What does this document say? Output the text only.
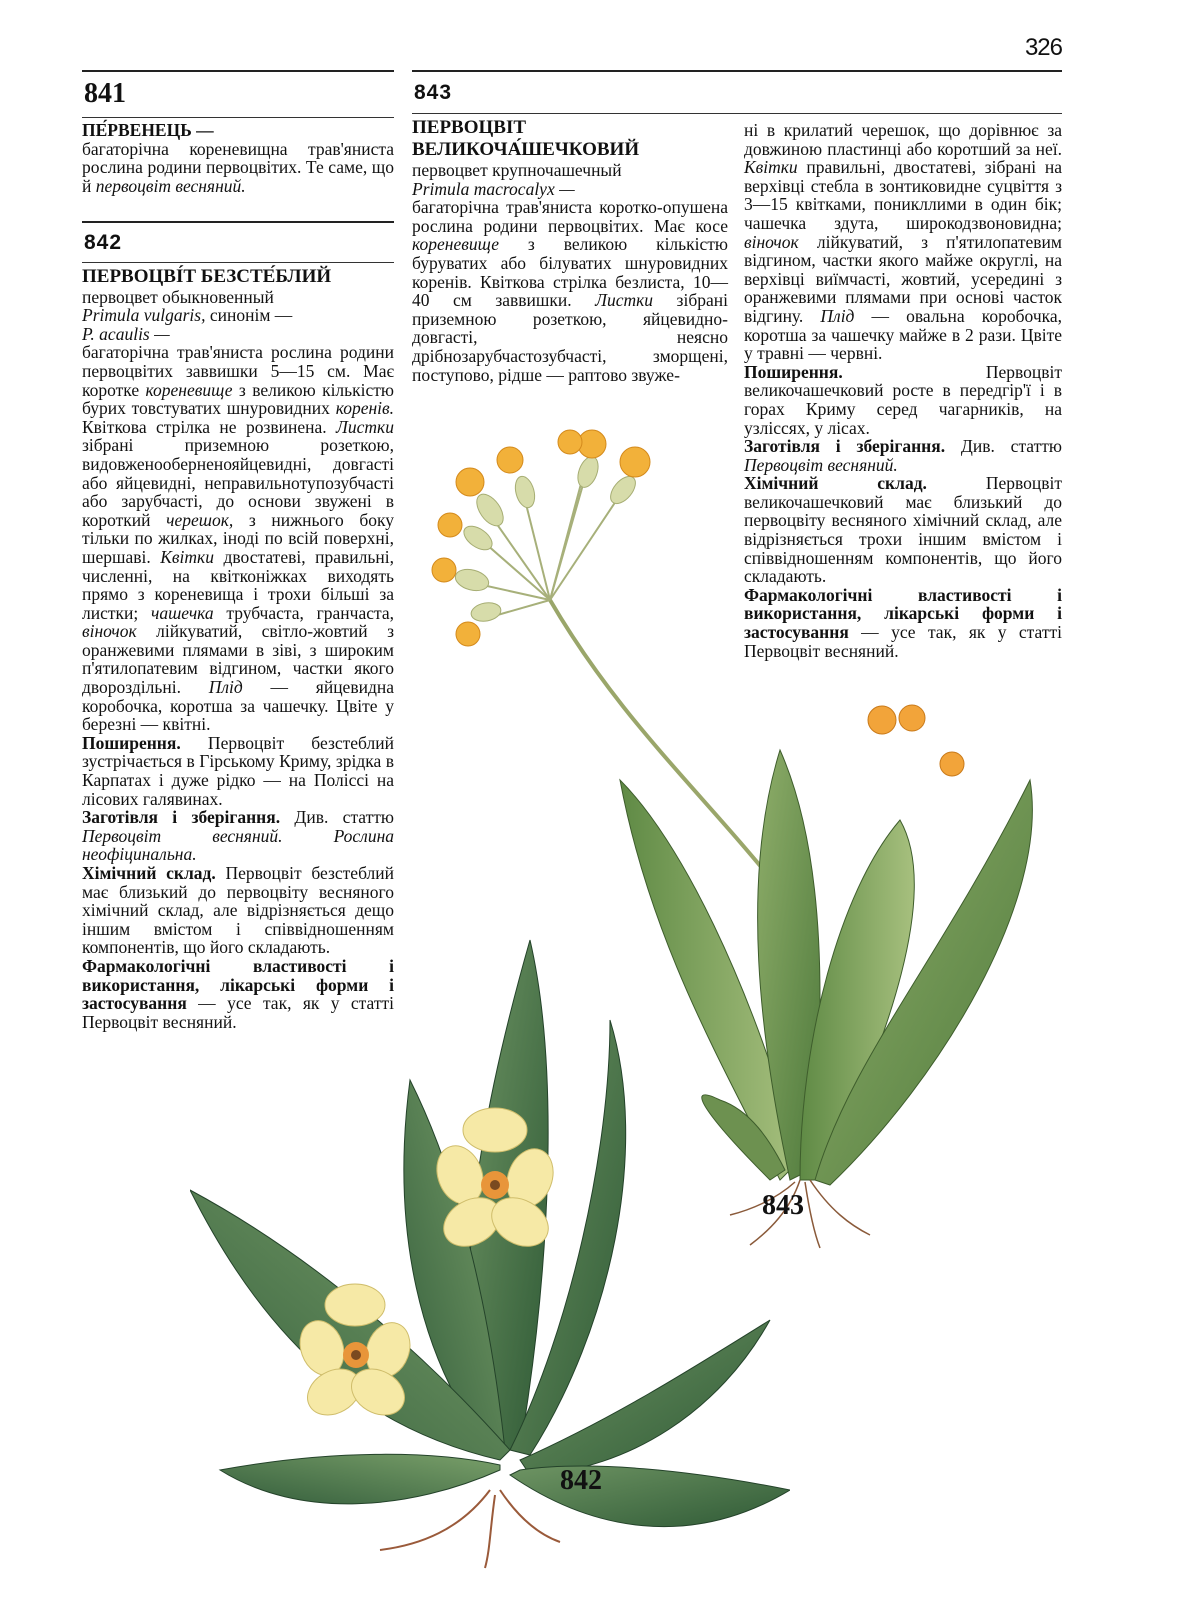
326
841

ПЕ́РВЕНЕЦЬ —

багаторічна кореневищна трав'яниста рослина родини первоцвітих. Те саме, що й первоцвіт весняний.

842

ПЕРВОЦВІ́Т БЕЗСТЕ́БЛИЙ

первоцвет обыкновенный

Primula vulgaris, синонім —

P. acaulis —

багаторічна трав'яниста рослина родини первоцвітих заввишки 5—15 см. Має коротке кореневище з великою кількістю бурих товстуватих шнуровидних коренів. Квіткова стрілка не розвинена. Листки зібрані приземною розеткою, видовженооберненояйцевидні, довгасті або яйцевидні, неправильнотупозубчасті або зарубчасті, до основи звужені в короткий черешок, з нижнього боку тільки по жилках, іноді по всій поверхні, шершаві. Квітки двостатеві, правильні, численні, на квітконіжках виходять прямо з кореневища і трохи більші за листки; чашечка трубчаста, гранчаста, віночок лійкуватий, світло-жовтий з оранжевими плямами в зіві, з широким п'ятилопатевим відгином, частки якого двороздільні. Плід — яйцевидна коробочка, коротша за чашечку. Цвіте у березні — квітні.

Поширення. Первоцвіт безстеблий зустрічається в Гірському Криму, зрідка в Карпатах і дуже рідко — на Поліссі на лісових галявинах.

Заготівля і зберігання. Див. статтю Первоцвіт весняний. Рослина неофіцинальна.

Хімічний склад. Первоцвіт безстеблий має близький до первоцвіту весняного хімічний склад, але відрізняється дещо іншим вмістом і співвідношенням компонентів, що його складають.

Фармакологічні властивості і використання, лікарські форми і застосування — усе так, як у статті Первоцвіт весняний.

843

ПЕРВОЦВІТ

ВЕЛИКОЧА́ШЕЧКОВИЙ

первоцвет крупночашечный

Primula macrocalyx —

багаторічна трав'яниста коротко-опушена рослина родини первоцвітих. Має косе кореневище з великою кількістю буруватих або білуватих шнуровидних коренів. Квіткова стрілка безлиста, 10—40 см заввишки. Листки зібрані приземною розеткою, яйцевидно-довгасті, неясно дрібнозарубчастозубчасті, зморщені, поступово, рідше — раптово звуже-

ні в крилатий черешок, що дорівнює за довжиною пластинці або коротший за неї. Квітки правильні, двостатеві, зібрані на верхівці стебла в зонтиковидне суцвіття з 3—15 квітками, поникллими в один бік; чашечка здута, широкодзвоновидна; віночок лійкуватий, з п'ятилопатевим відгином, частки якого майже округлі, на верхівці виїмчасті, жовтий, усередині з оранжевими плямами при основі часток відгину. Плід — овальна коробочка, коротша за чашечку майже в 2 рази. Цвіте у травні — червні.

Поширення. Первоцвіт великочашечковий росте в передгір'ї і в горах Криму серед чагарників, на узліссях, у лісах.

Заготівля і зберігання. Див. статтю Первоцвіт весняний.

Хімічний склад. Первоцвіт великочашечковий має близький до первоцвіту весняного хімічний склад, але відрізняється трохи іншим вмістом і співвідношенням компонентів, що його складають.

Фармакологічні властивості і використання, лікарські форми і застосування — усе так, як у статті Первоцвіт весняний.

843
842
